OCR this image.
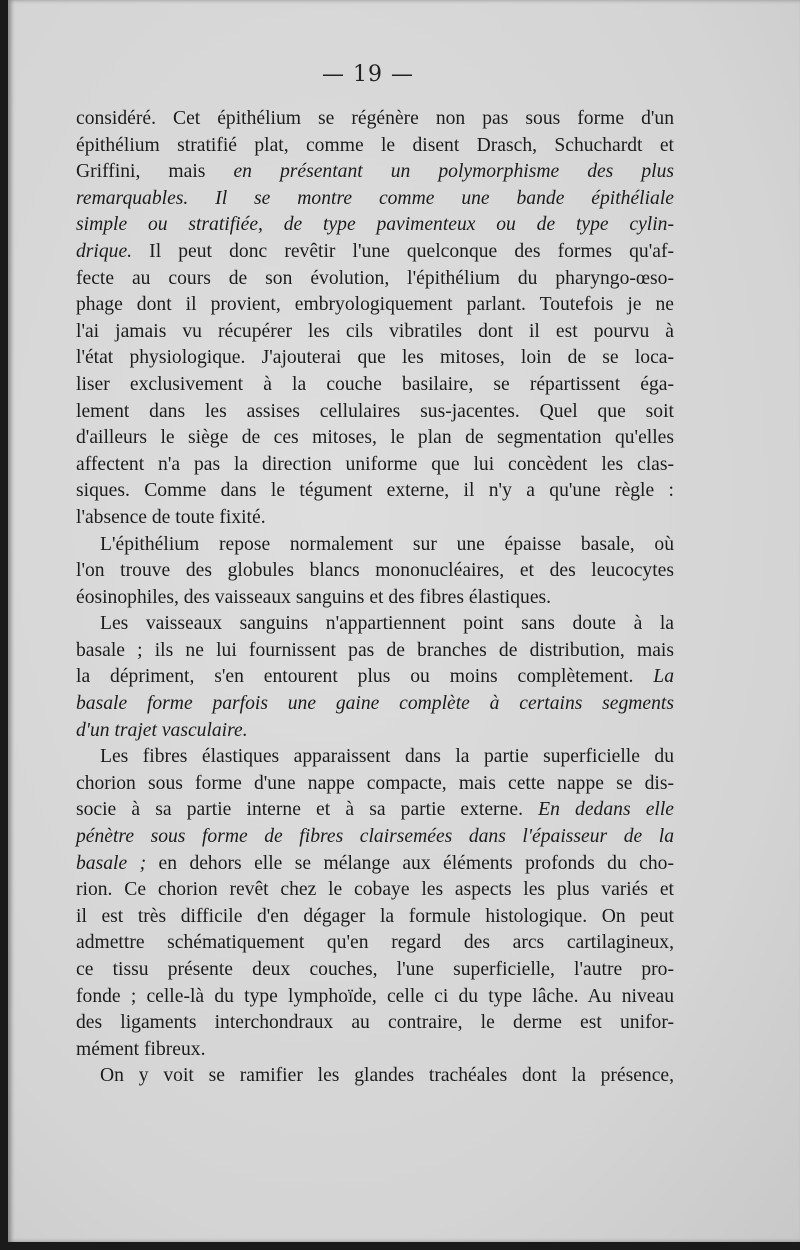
— 19 —
considéré. Cet épithélium se régénère non pas sous forme d'un
épithélium stratifié plat, comme le disent Drasch, Schuchardt et
Griffini, mais en présentant un polymorphisme des plus
remarquables. Il se montre comme une bande épithéliale
simple ou stratifiée, de type pavimenteux ou de type cylin-
drique. Il peut donc revêtir l'une quelconque des formes qu'af-
fecte au cours de son évolution, l'épithélium du pharyngo-œso-
phage dont il provient, embryologiquement parlant. Toutefois je ne
l'ai jamais vu récupérer les cils vibratiles dont il est pourvu à
l'état physiologique. J'ajouterai que les mitoses, loin de se loca-
liser exclusivement à la couche basilaire, se répartissent éga-
lement dans les assises cellulaires sus-jacentes. Quel que soit
d'ailleurs le siège de ces mitoses, le plan de segmentation qu'elles
affectent n'a pas la direction uniforme que lui concèdent les clas-
siques. Comme dans le tégument externe, il n'y a qu'une règle :
l'absence de toute fixité.
L'épithélium repose normalement sur une épaisse basale, où
l'on trouve des globules blancs mononucléaires, et des leucocytes
éosinophiles, des vaisseaux sanguins et des fibres élastiques.
Les vaisseaux sanguins n'appartiennent point sans doute à la
basale ; ils ne lui fournissent pas de branches de distribution, mais
la dépriment, s'en entourent plus ou moins complètement. La
basale forme parfois une gaine complète à certains segments
d'un trajet vasculaire.
Les fibres élastiques apparaissent dans la partie superficielle du
chorion sous forme d'une nappe compacte, mais cette nappe se dis-
socie à sa partie interne et à sa partie externe. En dedans elle
pénètre sous forme de fibres clairsemées dans l'épaisseur de la
basale ; en dehors elle se mélange aux éléments profonds du cho-
rion. Ce chorion revêt chez le cobaye les aspects les plus variés et
il est très difficile d'en dégager la formule histologique. On peut
admettre schématiquement qu'en regard des arcs cartilagineux,
ce tissu présente deux couches, l'une superficielle, l'autre pro-
fonde ; celle-là du type lymphoïde, celle ci du type lâche. Au niveau
des ligaments interchondraux au contraire, le derme est unifor-
mément fibreux.
On y voit se ramifier les glandes trachéales dont la présence,
